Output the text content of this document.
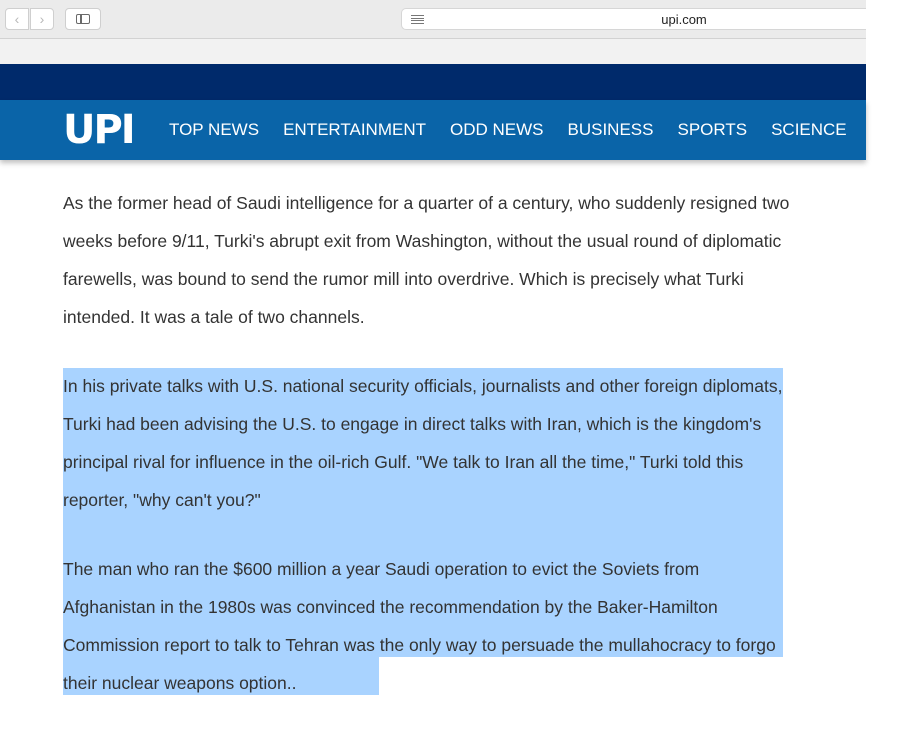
‹ ›	upi.com
UPI TOP NEWS ENTERTAINMENT ODD NEWS BUSINESS SPORTS SCIENCE H

As the former head of Saudi intelligence for a quarter of a century, who suddenly resigned two weeks before 9/11, Turki's abrupt exit from Washington, without the usual round of diplomatic farewells, was bound to send the rumor mill into overdrive. Which is precisely what Turki intended. It was a tale of two channels.

In his private talks with U.S. national security officials, journalists and other foreign diplomats, Turki had been advising the U.S. to engage in direct talks with Iran, which is the kingdom's principal rival for influence in the oil-rich Gulf. "We talk to Iran all the time," Turki told this reporter, "why can't you?"

The man who ran the $600 million a year Saudi operation to evict the Soviets from Afghanistan in the 1980s was convinced the recommendation by the Baker-Hamilton Commission report to talk to Tehran was the only way to persuade the mullahocracy to forgo their nuclear weapons option..
